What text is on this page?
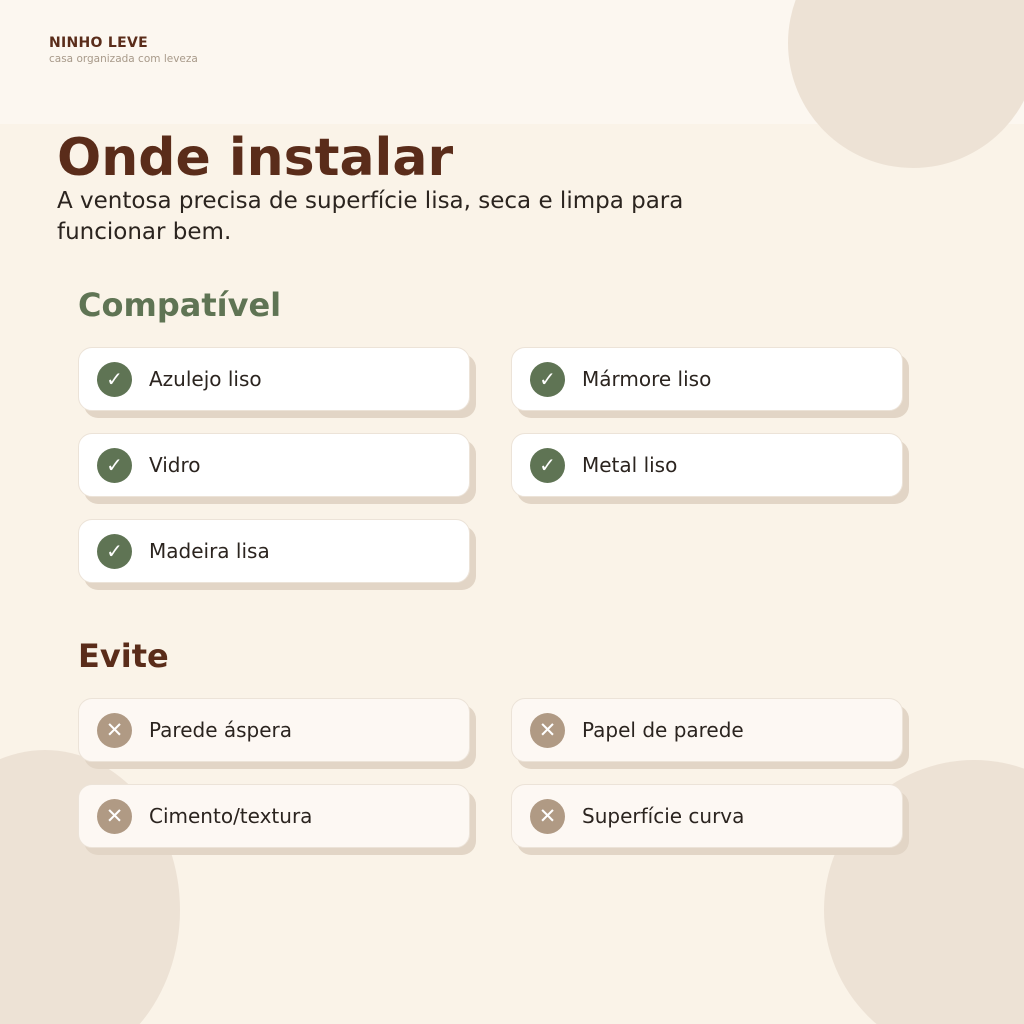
NINHO LEVE
casa organizada com leveza
Onde instalar

A ventosa precisa de superfície lisa, seca e limpa para funcionar bem.

Compatível
✓	Azulejo liso	✓	Mármore liso
✓	Vidro	✓	Metal liso
✓	Madeira lisa
Evite
✕	Parede áspera	✕	Papel de parede
✕	Cimento/textura	✕	Superfície curva
